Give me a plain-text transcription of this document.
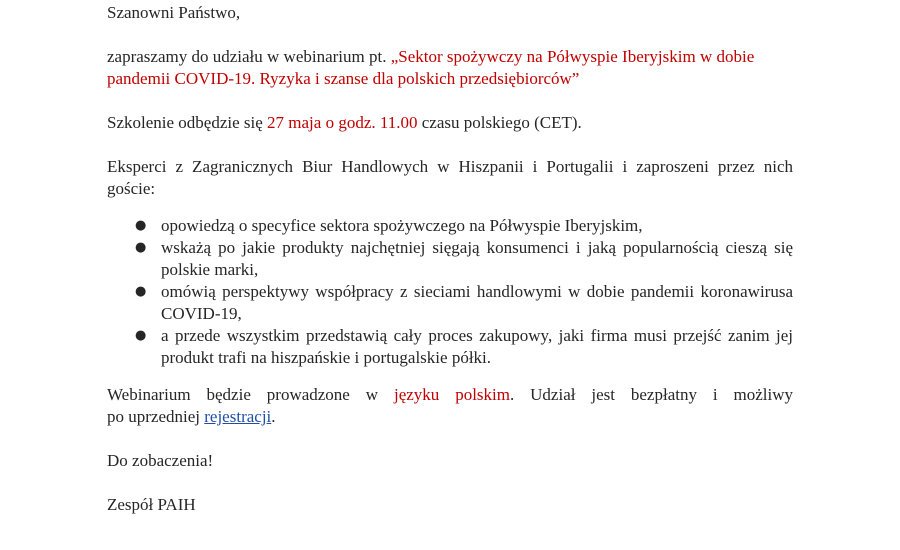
Szanowni Państwo,
zapraszamy do udziału w webinarium pt. „Sektor spożywczy na Półwyspie Iberyjskim w dobie
pandemii COVID-19. Ryzyka i szanse dla polskich przedsiębiorców”
Szkolenie odbędzie się 27 maja o godz. 11.00 czasu polskiego (CET).
Eksperci z Zagranicznych Biur Handlowych w Hiszpanii i Portugalii i zaproszeni przez nich
goście:
● opowiedzą o specyfice sektora spożywczego na Półwyspie Iberyjskim,
● wskażą po jakie produkty najchętniej sięgają konsumenci i jaką popularnością cieszą się polskie marki,
● omówią perspektywy współpracy z sieciami handlowymi w dobie pandemii koronawirusa COVID-19,
● a przede wszystkim przedstawią cały proces zakupowy, jaki firma musi przejść zanim jej produkt trafi na hiszpańskie i portugalskie półki.
Webinarium będzie prowadzone w języku polskim. Udział jest bezpłatny i możliwy
po uprzedniej rejestracji.
Do zobaczenia!
Zespół PAIH
